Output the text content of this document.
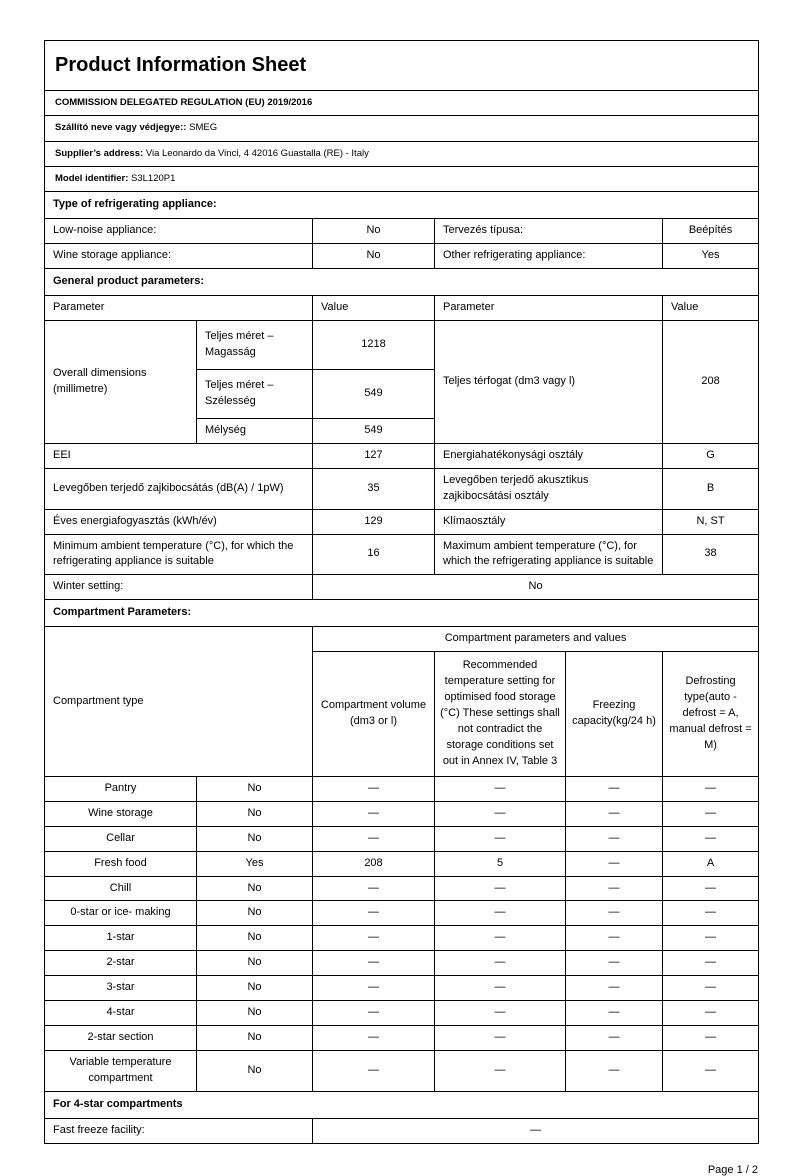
Product Information Sheet					
COMMISSION DELEGATED REGULATION (EU) 2019/2016					
Szállító neve vagy védjegye:: SMEG					
Supplier’s address: Via Leonardo da Vinci, 4 42016 Guastalla (RE) - Italy					
Model identifier: S3L120P1					
Type of refrigerating appliance:					
Low-noise appliance:		No	Tervezés típusa:		Beépítés
Wine storage appliance:		No	Other refrigerating appliance:		Yes
General product parameters:					
Parameter		Value	Parameter		Value
Overall dimensions (millimetre)	Teljes méret – Magasság	1218	Teljes térfogat (dm3 vagy l)		208
	Teljes méret – Szélesség	549			
	Mélység	549			
EEI		127	Energiahatékonysági osztály		G
Levegőben terjedő zajkibocsátás (dB(A) / 1pW)		35	Levegőben terjedő akusztikus zajkibocsátási osztály		B
Éves energiafogyasztás (kWh/év)		129	Klímaosztály		N, ST
Minimum ambient temperature (°C), for which the refrigerating appliance is suitable		16	Maximum ambient temperature (°C), for which the refrigerating appliance is suitable		38
Winter setting:		No			
Compartment Parameters:					
Compartment type		Compartment parameters and values			
		Compartment volume (dm3 or l)	Recommended temperature setting for optimised food storage (°C) These settings shall not contradict the storage conditions set out in Annex IV, Table 3	Freezing capacity(kg/24 h)	Defrosting type(auto - defrost = A, manual defrost = M)
Pantry	No	—	—	—	—
Wine storage	No	—	—	—	—
Cellar	No	—	—	—	—
Fresh food	Yes	208	5	—	A
Chill	No	—	—	—	—
0-star or ice- making	No	—	—	—	—
1-star	No	—	—	—	—
2-star	No	—	—	—	—
3-star	No	—	—	—	—
4-star	No	—	—	—	—
2-star section	No	—	—	—	—
Variable temperature compartment	No	—	—	—	—
For 4-star compartments					
Fast freeze facility:		—			
Page 1 / 2
